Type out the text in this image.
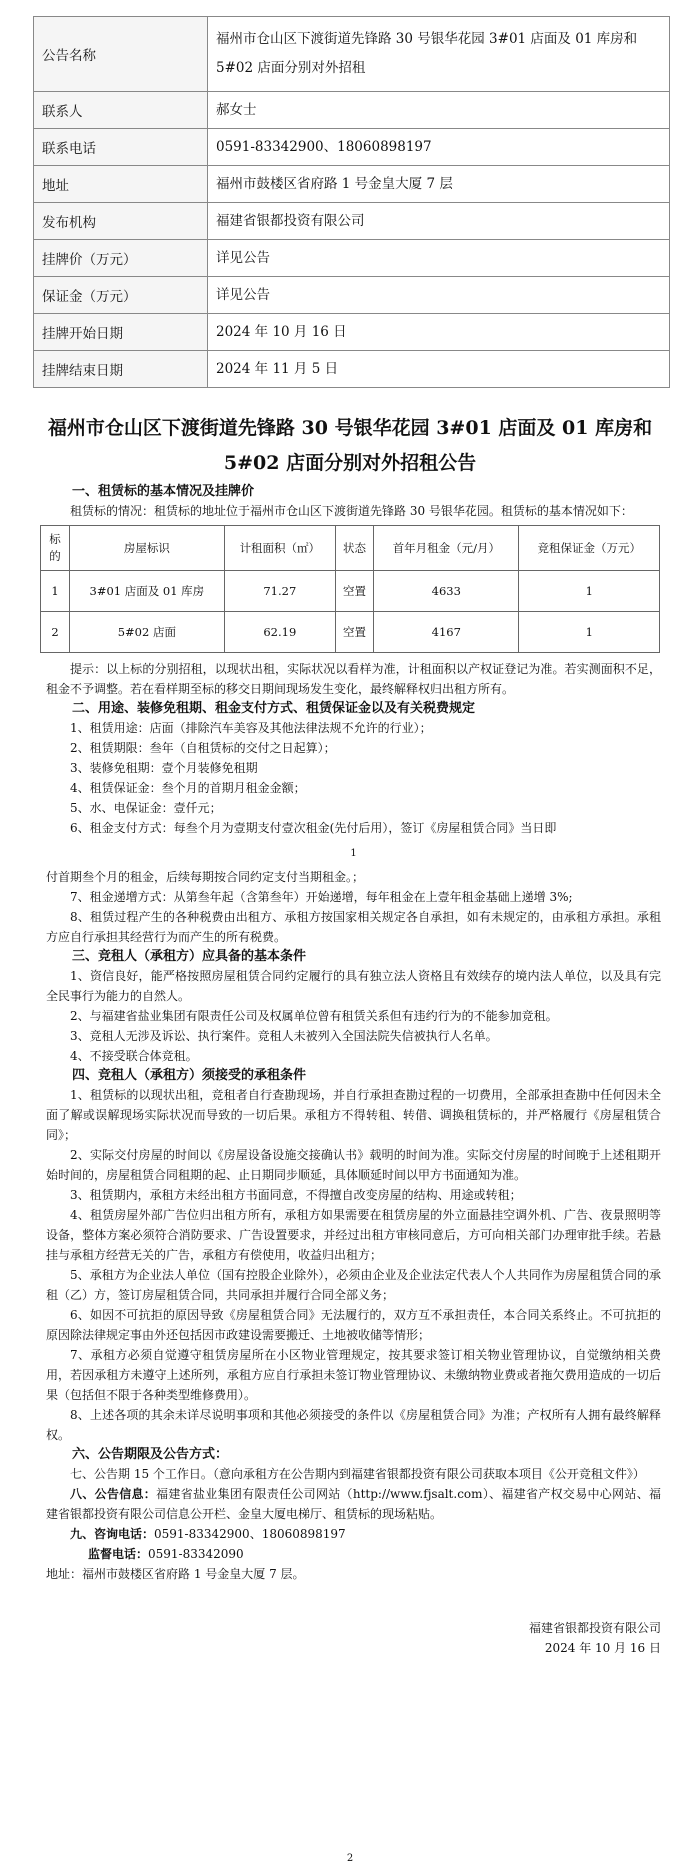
公告名称	福州市仓山区下渡街道先锋路 30 号银华花园 3#01 店面及 01 库房和 5#02 店面分别对外招租
联系人	郝女士
联系电话	0591-83342900、18060898197
地址	福州市鼓楼区省府路 1 号金皇大厦 7 层
发布机构	福建省银都投资有限公司
挂牌价（万元）	详见公告
保证金（万元）	详见公告
挂牌开始日期	2024 年 10 月 16 日
挂牌结束日期	2024 年 11 月 5 日
福州市仓山区下渡街道先锋路 30 号银华花园 3#01 店面及 01 库房和 5#02 店面分别对外招租公告

一、租赁标的基本情况及挂牌价

租赁标的情况：租赁标的地址位于福州市仓山区下渡街道先锋路 30 号银华花园。租赁标的基本情况如下：

标的	房屋标识	计租面积（㎡）	状态	首年月租金（元/月）	竞租保证金（万元）
1	3#01 店面及 01 库房	71.27	空置	4633	1
2	5#02 店面	62.19	空置	4167	1

提示：以上标的分别招租，以现状出租，实际状况以看样为准，计租面积以产权证登记为准。若实测面积不足，租金不予调整。若在看样期至标的移交日期间现场发生变化，最终解释权归出租方所有。

二、用途、装修免租期、租金支付方式、租赁保证金以及有关税费规定

1、租赁用途：店面（排除汽车美容及其他法律法规不允许的行业）；

2、租赁期限：叁年（自租赁标的交付之日起算）；

3、装修免租期：壹个月装修免租期

4、租赁保证金：叁个月的首期月租金金额；

5、水、电保证金：壹仟元；

6、租金支付方式：每叁个月为壹期支付壹次租金(先付后用），签订《房屋租赁合同》当日即

1

付首期叁个月的租金，后续每期按合同约定支付当期租金。；

7、租金递增方式：从第叁年起（含第叁年）开始递增，每年租金在上壹年租金基础上递增 3%;

8、租赁过程产生的各种税费由出租方、承租方按国家相关规定各自承担，如有未规定的，由承租方承担。承租方应自行承担其经营行为而产生的所有税费。

三、竞租人（承租方）应具备的基本条件

1、资信良好，能严格按照房屋租赁合同约定履行的具有独立法人资格且有效续存的境内法人单位，以及具有完全民事行为能力的自然人。

2、与福建省盐业集团有限责任公司及权属单位曾有租赁关系但有违约行为的不能参加竞租。

3、竞租人无涉及诉讼、执行案件。竞租人未被列入全国法院失信被执行人名单。

4、不接受联合体竞租。

四、竞租人（承租方）须接受的承租条件

1、租赁标的以现状出租，竞租者自行查勘现场，并自行承担查勘过程的一切费用，全部承担查勘中任何因未全面了解或误解现场实际状况而导致的一切后果。承租方不得转租、转借、调换租赁标的，并严格履行《房屋租赁合同》；

2、实际交付房屋的时间以《房屋设备设施交接确认书》载明的时间为准。实际交付房屋的时间晚于上述租期开始时间的，房屋租赁合同租期的起、止日期同步顺延，具体顺延时间以甲方书面通知为准。

3、租赁期内，承租方未经出租方书面同意，不得擅自改变房屋的结构、用途或转租；

4、租赁房屋外部广告位归出租方所有，承租方如果需要在租赁房屋的外立面悬挂空调外机、广告、夜景照明等设备，整体方案必须符合消防要求、广告设置要求，并经过出租方审核同意后，方可向相关部门办理审批手续。若悬挂与承租方经营无关的广告，承租方有偿使用，收益归出租方；

5、承租方为企业法人单位（国有控股企业除外），必须由企业及企业法定代表人个人共同作为房屋租赁合同的承租（乙）方，签订房屋租赁合同，共同承担并履行合同全部义务；

6、如因不可抗拒的原因导致《房屋租赁合同》无法履行的，双方互不承担责任，本合同关系终止。不可抗拒的原因除法律规定事由外还包括因市政建设需要搬迁、土地被收储等情形；

7、承租方必须自觉遵守租赁房屋所在小区物业管理规定，按其要求签订相关物业管理协议，自觉缴纳相关费用，若因承租方未遵守上述所列，承租方应自行承担未签订物业管理协议、未缴纳物业费或者拖欠费用造成的一切后果（包括但不限于各种类型维修费用）。

8、上述各项的其余未详尽说明事项和其他必须接受的条件以《房屋租赁合同》为准；产权所有人拥有最终解释权。

六、公告期限及公告方式：

七、公告期 15 个工作日。（意向承租方在公告期内到福建省银都投资有限公司获取本项目《公开竞租文件》）

八、公告信息：福建省盐业集团有限责任公司网站（http://www.fjsalt.com）、福建省产权交易中心网站、福建省银都投资有限公司信息公开栏、金皇大厦电梯厅、租赁标的现场粘贴。

九、咨询电话：0591-83342900、18060898197

监督电话：0591-83342090

地址：福州市鼓楼区省府路 1 号金皇大厦 7 层。

福建省银都投资有限公司
2024 年 10 月 16 日
2
